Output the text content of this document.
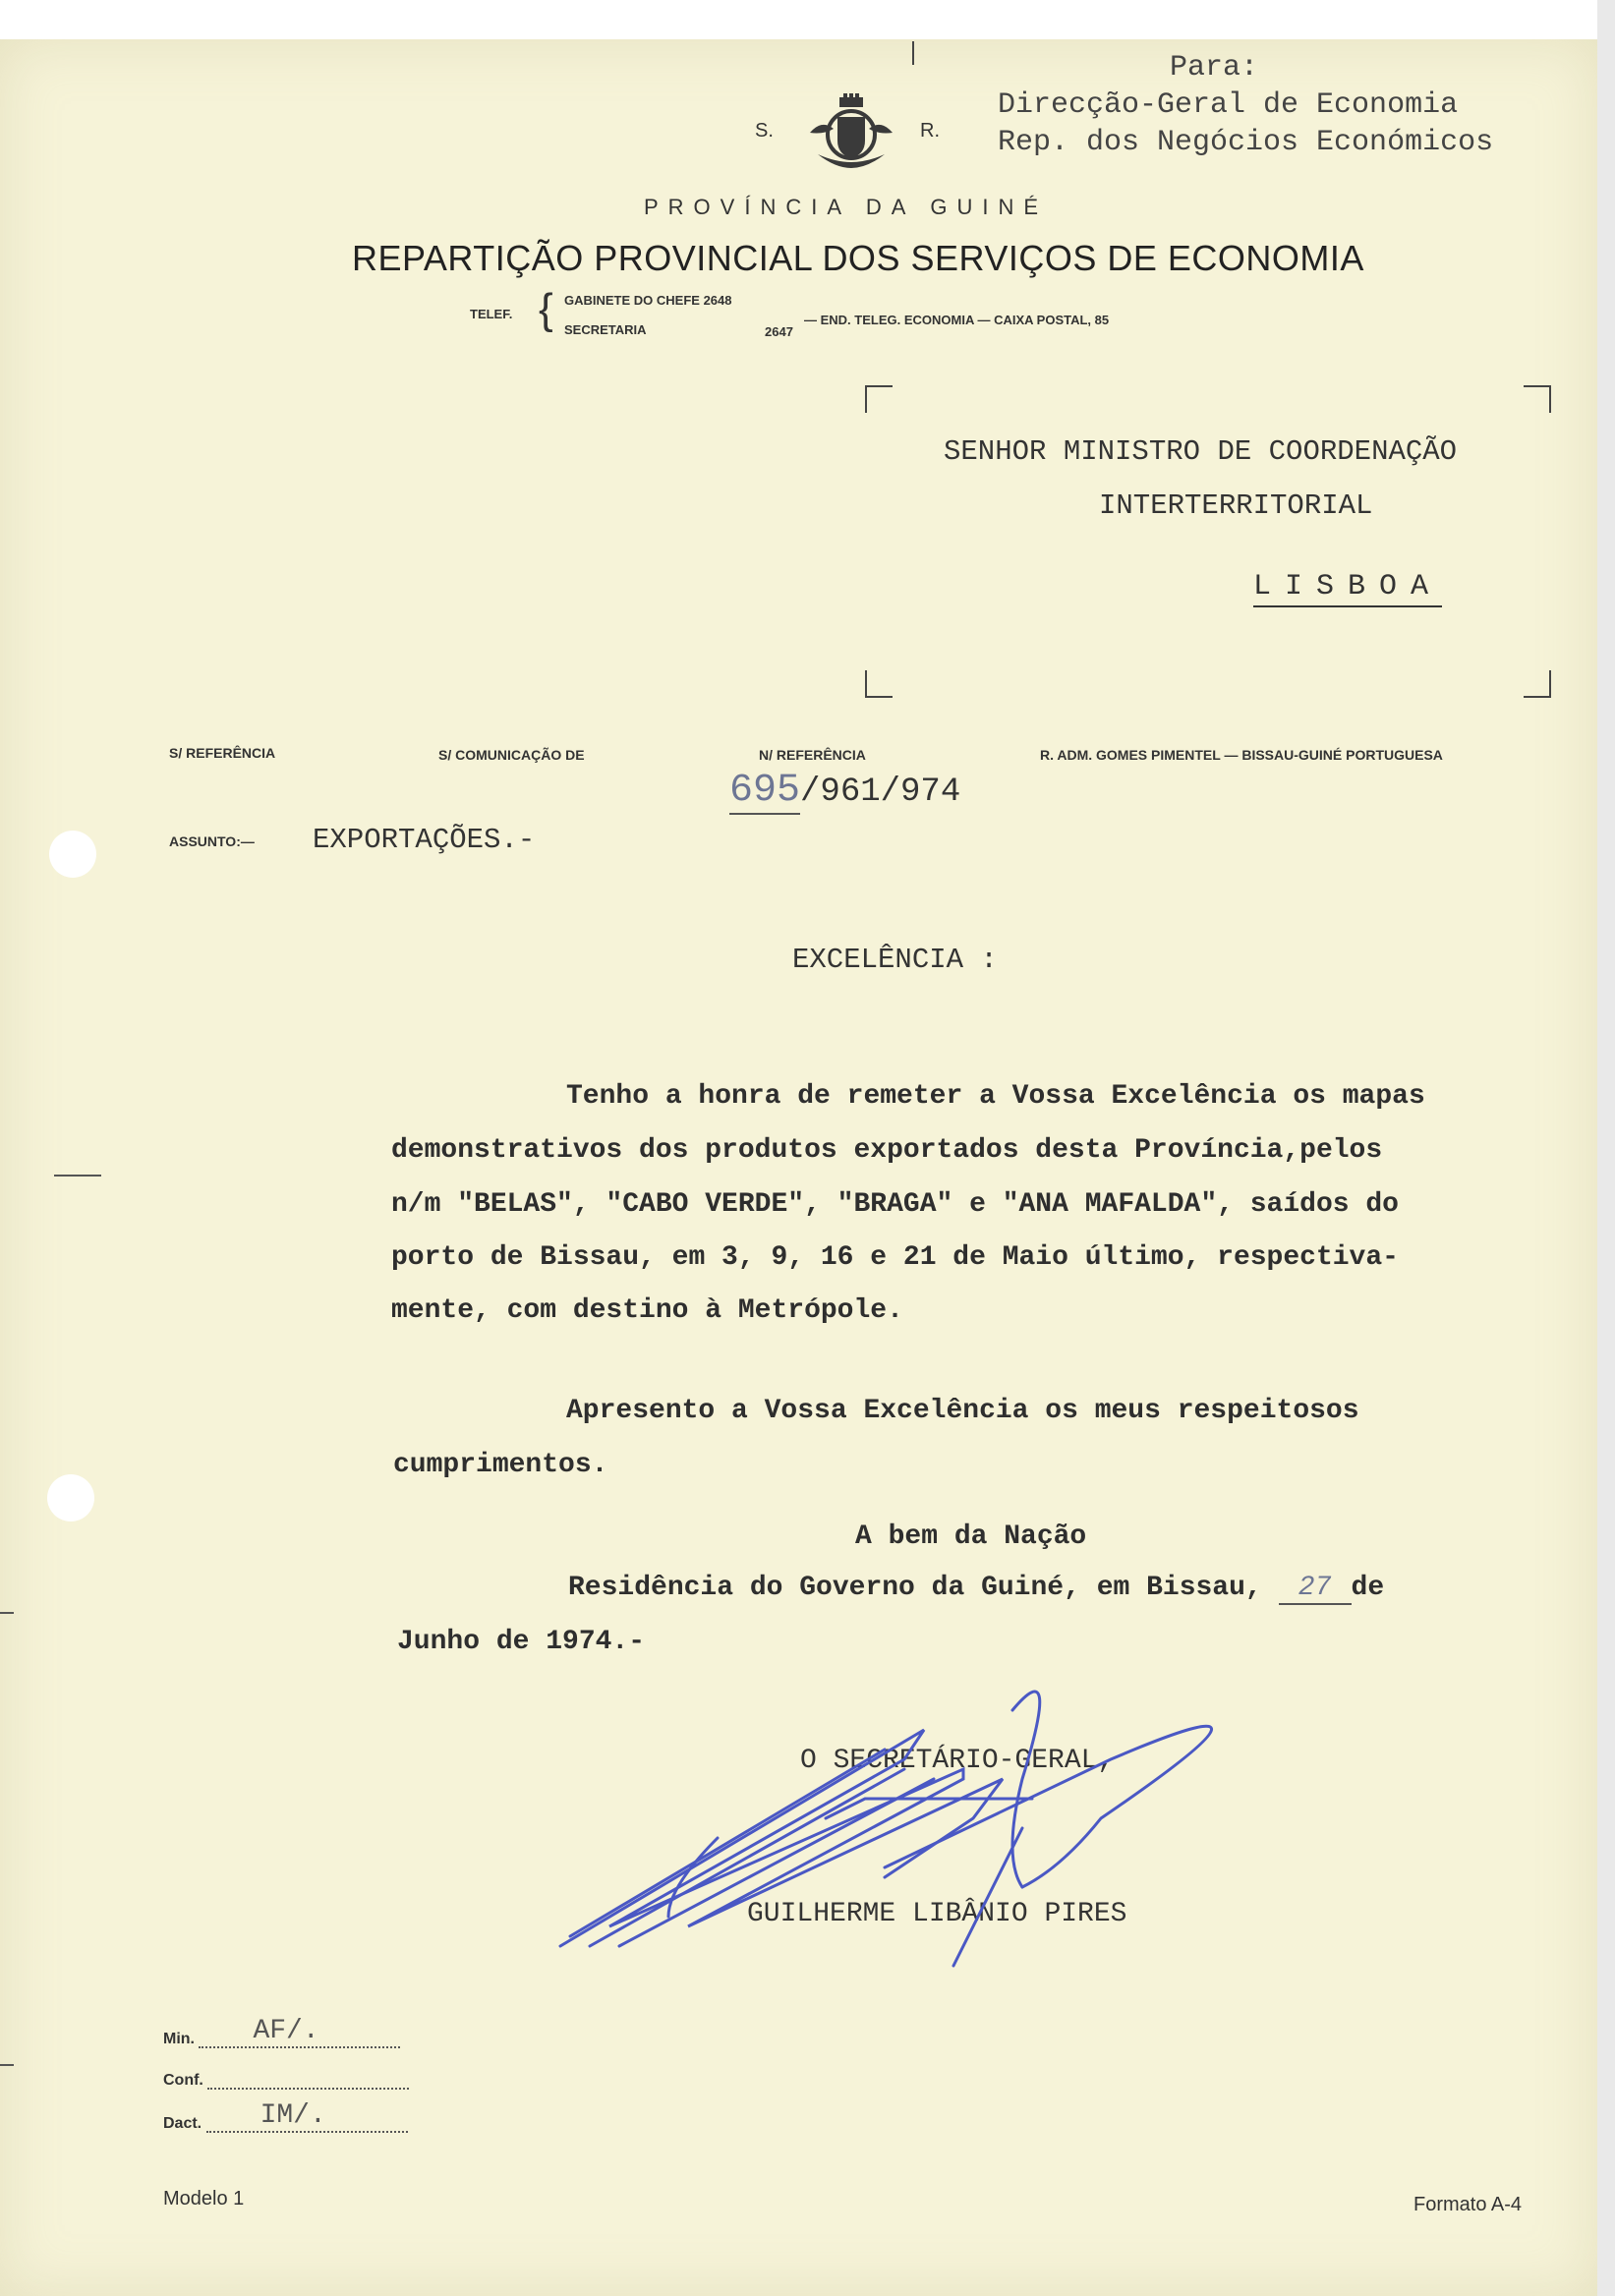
Para:
Direcção-Geral de Economia
Rep. dos Negócios Económicos
S.	R.
PROVÍNCIA DA GUINÉ
REPARTIÇÃO PROVINCIAL DOS SERVIÇOS DE ECONOMIA
TELEF. { GABINETE DO CHEFE 2648
SECRETARIA	2647
— END. TELEG. ECONOMIA — CAIXA POSTAL, 85
SENHOR MINISTRO DE COORDENAÇÃO
INTERTERRITORIAL
LISBOA
S/ REFERÊNCIA	S/ COMUNICAÇÃO DE	N/ REFERÊNCIA	R. ADM. GOMES PIMENTEL — BISSAU-GUINÉ PORTUGUESA
695/961/974
ASSUNTO:— EXPORTAÇÕES.-
EXCELÊNCIA :
Tenho a honra de remeter a Vossa Excelência os mapas
demonstrativos dos produtos exportados desta Província,pelos
n/m "BELAS", "CABO VERDE", "BRAGA" e "ANA MAFALDA", saídos do
porto de Bissau, em 3, 9, 16 e 21 de Maio último, respectiva-
mente, com destino à Metrópole.
Apresento a Vossa Excelência os meus respeitosos
cumprimentos.
A bem da Nação
Residência do Governo da Guiné, em Bissau, 27 de
Junho de 1974.-
O SECRETÁRIO-GERAL,
GUILHERME LIBÂNIO PIRES
Min. AF/.
Conf.
Dact. IM/.
Modelo 1	Formato A-4
